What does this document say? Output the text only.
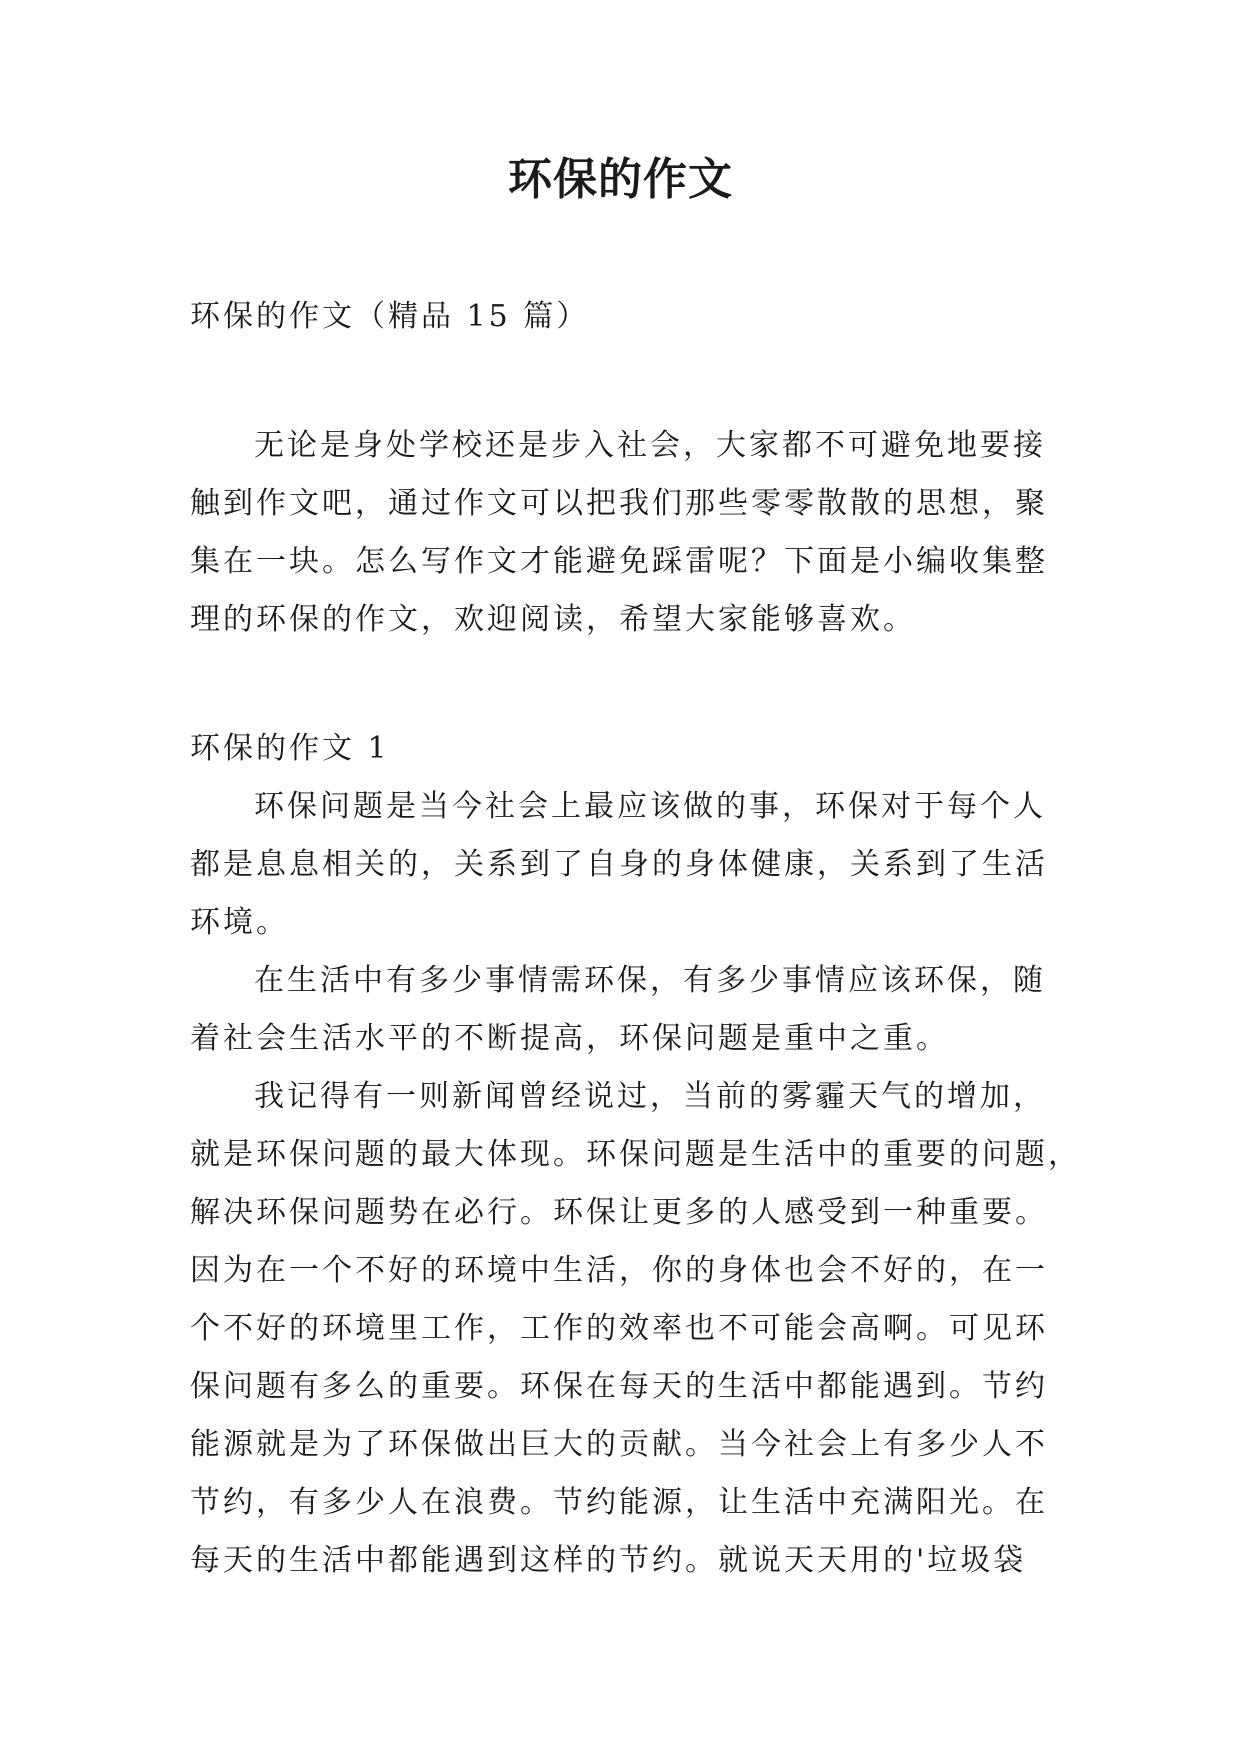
环保的作文

环保的作文（精品 15 篇）

无论是身处学校还是步入社会，大家都不可避免地要接
触到作文吧，通过作文可以把我们那些零零散散的思想，聚
集在一块。怎么写作文才能避免踩雷呢？下面是小编收集整
理的环保的作文，欢迎阅读，希望大家能够喜欢。

环保的作文 1

环保问题是当今社会上最应该做的事，环保对于每个人
都是息息相关的，关系到了自身的身体健康，关系到了生活
环境。
在生活中有多少事情需环保，有多少事情应该环保，随
着社会生活水平的不断提高，环保问题是重中之重。
我记得有一则新闻曾经说过，当前的雾霾天气的增加，
就是环保问题的最大体现。环保问题是生活中的重要的问题，
解决环保问题势在必行。环保让更多的人感受到一种重要。
因为在一个不好的环境中生活，你的身体也会不好的，在一
个不好的环境里工作，工作的效率也不可能会高啊。可见环
保问题有多么的重要。环保在每天的生活中都能遇到。节约
能源就是为了环保做出巨大的贡献。当今社会上有多少人不
节约，有多少人在浪费。节约能源，让生活中充满阳光。在
每天的生活中都能遇到这样的节约。就说天天用的'垃圾袋
